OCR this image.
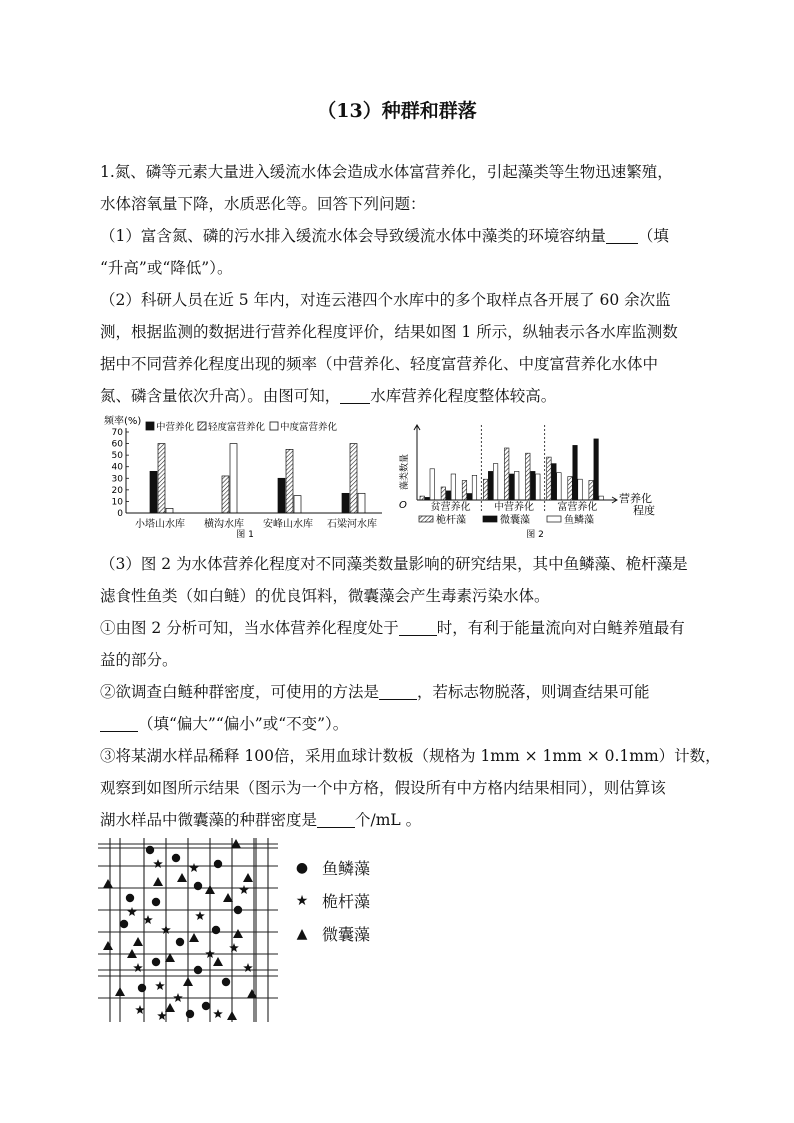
（13）种群和群落
1.氮、磷等元素大量进入缓流水体会造成水体富营养化，引起藻类等生物迅速繁殖，
水体溶氧量下降，水质恶化等。回答下列问题：
（1）富含氮、磷的污水排入缓流水体会导致缓流水体中藻类的环境容纳量 （填
“升高”或“降低”）。
（2）科研人员在近 5 年内，对连云港四个水库中的多个取样点各开展了 60 余次监
测，根据监测的数据进行营养化程度评价，结果如图 1 所示，纵轴表示各水库监测数
据中不同营养化程度出现的频率（中营养化、轻度富营养化、中度富营养化水体中
氮、磷含量依次升高）。由图可知， 水库营养化程度整体较高。
频率(%)
0
10
20
30
40
50
60
70	中营养化 轻度富营养化 中度富营养化
小塔山水库 横沟水库 安峰山水库 石梁河水库
图 1
藻类数量
O 贫营养化 中营养化 富营养化
桅杆藻	微囊藻	鱼鳞藻
营养化程度
图 2
（3）图 2 为水体营养化程度对不同藻类数量影响的研究结果，其中鱼鳞藻、桅杆藻是
滤食性鱼类（如白鲢）的优良饵料，微囊藻会产生毒素污染水体。
①由图 2 分析可知，当水体营养化程度处于 时，有利于能量流向对白鲢养殖最有
益的部分。
②欲调查白鲢种群密度，可使用的方法是 ，若标志物脱落，则调查结果可能
（填“偏大”“偏小”或“不变”）。
③将某湖水样品稀释 100倍，采用血球计数板（规格为 1mm × 1mm × 0.1mm）计数，
观察到如图所示结果（图示为一个中方格，假设所有中方格内结果相同），则估算该
湖水样品中微囊藻的种群密度是 个/mL 。
● 鱼鳞藻
★ 桅杆藻
▲ 微囊藻
